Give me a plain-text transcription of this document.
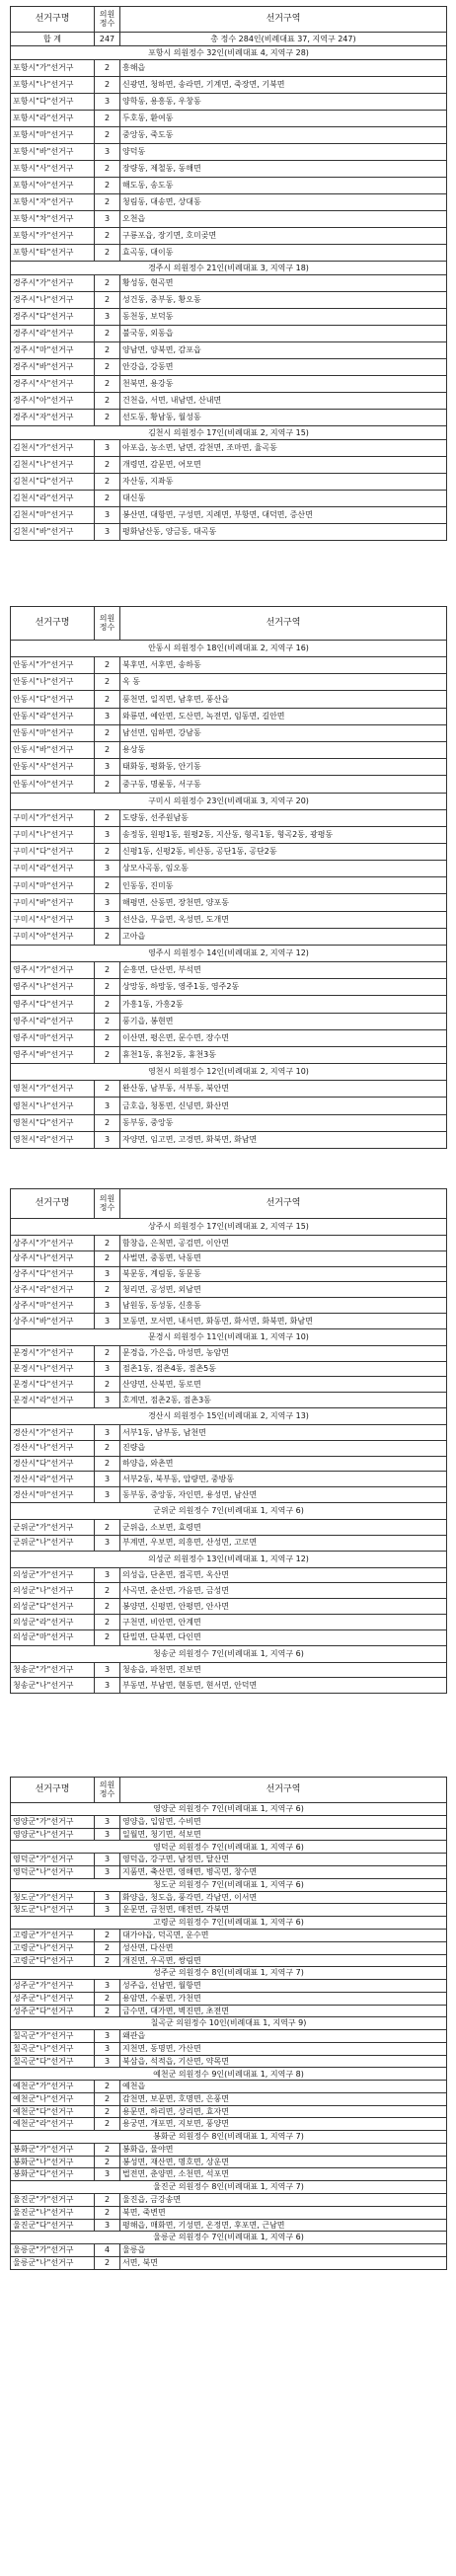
선거구명	의원정수	선거구역
합 계	247	총 정수 284인(비례대표 37, 지역구 247)
포항시 의원정수 32인(비례대표 4, 지역구 28)		
포항시"가"선거구	2	흥해읍
포항시"나"선거구	2	신광면, 청하면, 송라면, 기계면, 죽장면, 기북면
포항시"다"선거구	3	양학동, 용흥동, 우창동
포항시"라"선거구	2	두호동, 환여동
포항시"마"선거구	2	중앙동, 죽도동
포항시"바"선거구	3	양덕동
포항시"사"선거구	2	장량동, 제철동, 동해면
포항시"아"선거구	2	해도동, 송도동
포항시"자"선거구	2	청림동, 대송면, 상대동
포항시"차"선거구	3	오천읍
포항시"카"선거구	2	구룡포읍, 장기면, 호미곶면
포항시"타"선거구	2	효곡동, 대이동
경주시 의원정수 21인(비례대표 3, 지역구 18)		
경주시"가"선거구	2	황성동, 현곡면
경주시"나"선거구	2	성건동, 중부동, 황오동
경주시"다"선거구	3	동천동, 보덕동
경주시"라"선거구	2	불국동, 외동읍
경주시"마"선거구	2	양남면, 양북면, 감포읍
경주시"바"선거구	2	안강읍, 강동면
경주시"사"선거구	2	천북면, 용강동
경주시"아"선거구	2	건천읍, 서면, 내남면, 산내면
경주시"자"선거구	2	선도동, 황남동, 월성동
김천시 의원정수 17인(비례대표 2, 지역구 15)		
김천시"가"선거구	3	아포읍, 농소면, 남면, 감천면, 조마면, 율곡동
김천시"나"선거구	2	개령면, 감문면, 어모면
김천시"다"선거구	2	자산동, 지좌동
김천시"라"선거구	2	대신동
김천시"마"선거구	3	봉산면, 대항면, 구성면, 지례면, 부항면, 대덕면, 증산면
김천시"바"선거구	3	평화남산동, 양금동, 대곡동
선거구명	의원정수	선거구역
안동시 의원정수 18인(비례대표 2, 지역구 16)		
안동시"가"선거구	2	북후면, 서후면, 송하동
안동시"나"선거구	2	옥 동
안동시"다"선거구	2	풍천면, 일직면, 남후면, 풍산읍
안동시"라"선거구	3	와룡면, 예안면, 도산면, 녹전면, 임동면, 길안면
안동시"마"선거구	2	남선면, 임하면, 강남동
안동시"바"선거구	2	용상동
안동시"사"선거구	3	태화동, 평화동, 안기동
안동시"아"선거구	2	중구동, 명륜동, 서구동
구미시 의원정수 23인(비례대표 3, 지역구 20)		
구미시"가"선거구	2	도량동, 선주원남동
구미시"나"선거구	3	송정동, 원평1동, 원평2동, 지산동, 형곡1동, 형곡2동, 광평동
구미시"다"선거구	2	신평1동, 신평2동, 비산동, 공단1동, 공단2동
구미시"라"선거구	3	상모사곡동, 임오동
구미시"마"선거구	2	인동동, 진미동
구미시"바"선거구	3	해평면, 산동면, 장천면, 양포동
구미시"사"선거구	3	선산읍, 무을면, 옥성면, 도개면
구미시"아"선거구	2	고아읍
영주시 의원정수 14인(비례대표 2, 지역구 12)		
영주시"가"선거구	2	순흥면, 단산면, 부석면
영주시"나"선거구	2	상망동, 하망동, 영주1동, 영주2동
영주시"다"선거구	2	가흥1동, 가흥2동
영주시"라"선거구	2	풍기읍, 봉현면
영주시"마"선거구	2	이산면, 평은면, 문수면, 장수면
영주시"바"선거구	2	휴천1동, 휴천2동, 휴천3동
영천시 의원정수 12인(비례대표 2, 지역구 10)		
영천시"가"선거구	2	완산동, 남부동, 서부동, 북안면
영천시"나"선거구	3	금호읍, 청통면, 신녕면, 화산면
영천시"다"선거구	2	동부동, 중앙동
영천시"라"선거구	3	자양면, 임고면, 고경면, 화북면, 화남면
선거구명	의원정수	선거구역
상주시 의원정수 17인(비례대표 2, 지역구 15)		
상주시"가"선거구	2	함창읍, 은척면, 공검면, 이안면
상주시"나"선거구	2	사벌면, 중동면, 낙동면
상주시"다"선거구	3	북문동, 계림동, 동문동
상주시"라"선거구	2	청리면, 공성면, 외남면
상주시"마"선거구	3	남원동, 동성동, 신흥동
상주시"바"선거구	3	모동면, 모서면, 내서면, 화동면, 화서면, 화북면, 화남면
문경시 의원정수 11인(비례대표 1, 지역구 10)		
문경시"가"선거구	2	문경읍, 가은읍, 마성면, 농암면
문경시"나"선거구	3	점촌1동, 점촌4동, 점촌5동
문경시"다"선거구	2	산양면, 산북면, 동로면
문경시"라"선거구	3	호계면, 점촌2동, 점촌3동
경산시 의원정수 15인(비례대표 2, 지역구 13)		
경산시"가"선거구	3	서부1동, 남부동, 남천면
경산시"나"선거구	2	진량읍
경산시"다"선거구	2	하양읍, 와촌면
경산시"라"선거구	3	서부2동, 북부동, 압량면, 중방동
경산시"마"선거구	3	동부동, 중앙동, 자인면, 용성면, 남산면
군위군 의원정수 7인(비례대표 1, 지역구 6)		
군위군"가"선거구	2	군위읍, 소보면, 효령면
군위군"나"선거구	3	부계면, 우보면, 의흥면, 산성면, 고로면
의성군 의원정수 13인(비례대표 1, 지역구 12)		
의성군"가"선거구	3	의성읍, 단촌면, 점곡면, 옥산면
의성군"나"선거구	2	사곡면, 춘산면, 가음면, 금성면
의성군"다"선거구	2	봉양면, 신평면, 안평면, 안사면
의성군"라"선거구	2	구천면, 비안면, 안계면
의성군"마"선거구	2	단밀면, 단북면, 다인면
청송군 의원정수 7인(비례대표 1, 지역구 6)		
청송군"가"선거구	3	청송읍, 파천면, 진보면
청송군"나"선거구	3	부동면, 부남면, 현동면, 현서면, 안덕면
선거구명	의원정수	선거구역
영양군 의원정수 7인(비례대표 1, 지역구 6)		
영양군"가"선거구	3	영양읍, 입암면, 수비면
영양군"나"선거구	3	일월면, 청기면, 석보면
영덕군 의원정수 7인(비례대표 1, 지역구 6)		
영덕군"가"선거구	3	영덕읍, 강구면, 남정면, 달산면
영덕군"나"선거구	3	지품면, 축산면, 영해면, 병곡면, 창수면
청도군 의원정수 7인(비례대표 1, 지역구 6)		
청도군"가"선거구	3	화양읍, 청도읍, 풍각면, 각남면, 이서면
청도군"나"선거구	3	운문면, 금천면, 매전면, 각북면
고령군 의원정수 7인(비례대표 1, 지역구 6)		
고령군"가"선거구	2	대가야읍, 덕곡면, 운수면
고령군"나"선거구	2	성산면, 다산면
고령군"다"선거구	2	개진면, 우곡면, 쌍림면
성주군 의원정수 8인(비례대표 1, 지역구 7)		
성주군"가"선거구	3	성주읍, 선남면, 월항면
성주군"나"선거구	2	용암면, 수륜면, 가천면
성주군"다"선거구	2	금수면, 대가면, 벽진면, 초전면
칠곡군 의원정수 10인(비례대표 1, 지역구 9)		
칠곡군"가"선거구	3	왜관읍
칠곡군"나"선거구	3	지천면, 동명면, 가산면
칠곡군"다"선거구	3	북삼읍, 석적읍, 기산면, 약목면
예천군 의원정수 9인(비례대표 1, 지역구 8)		
예천군"가"선거구	2	예천읍
예천군"나"선거구	2	감천면, 보문면, 호명면, 은풍면
예천군"다"선거구	2	용문면, 하리면, 상리면, 효자면
예천군"라"선거구	2	용궁면, 개포면, 지보면, 풍양면
봉화군 의원정수 8인(비례대표 1, 지역구 7)		
봉화군"가"선거구	2	봉화읍, 물야면
봉화군"나"선거구	2	봉성면, 재산면, 명호면, 상운면
봉화군"다"선거구	3	법전면, 춘양면, 소천면, 석포면
울진군 의원정수 8인(비례대표 1, 지역구 7)		
울진군"가"선거구	2	울진읍, 금강송면
울진군"나"선거구	2	북면, 죽변면
울진군"다"선거구	3	평해읍, 매화면, 기성면, 온정면, 후포면, 근남면
울릉군 의원정수 7인(비례대표 1, 지역구 6)		
울릉군"가"선거구	4	울릉읍
울릉군"나"선거구	2	서면, 북면
